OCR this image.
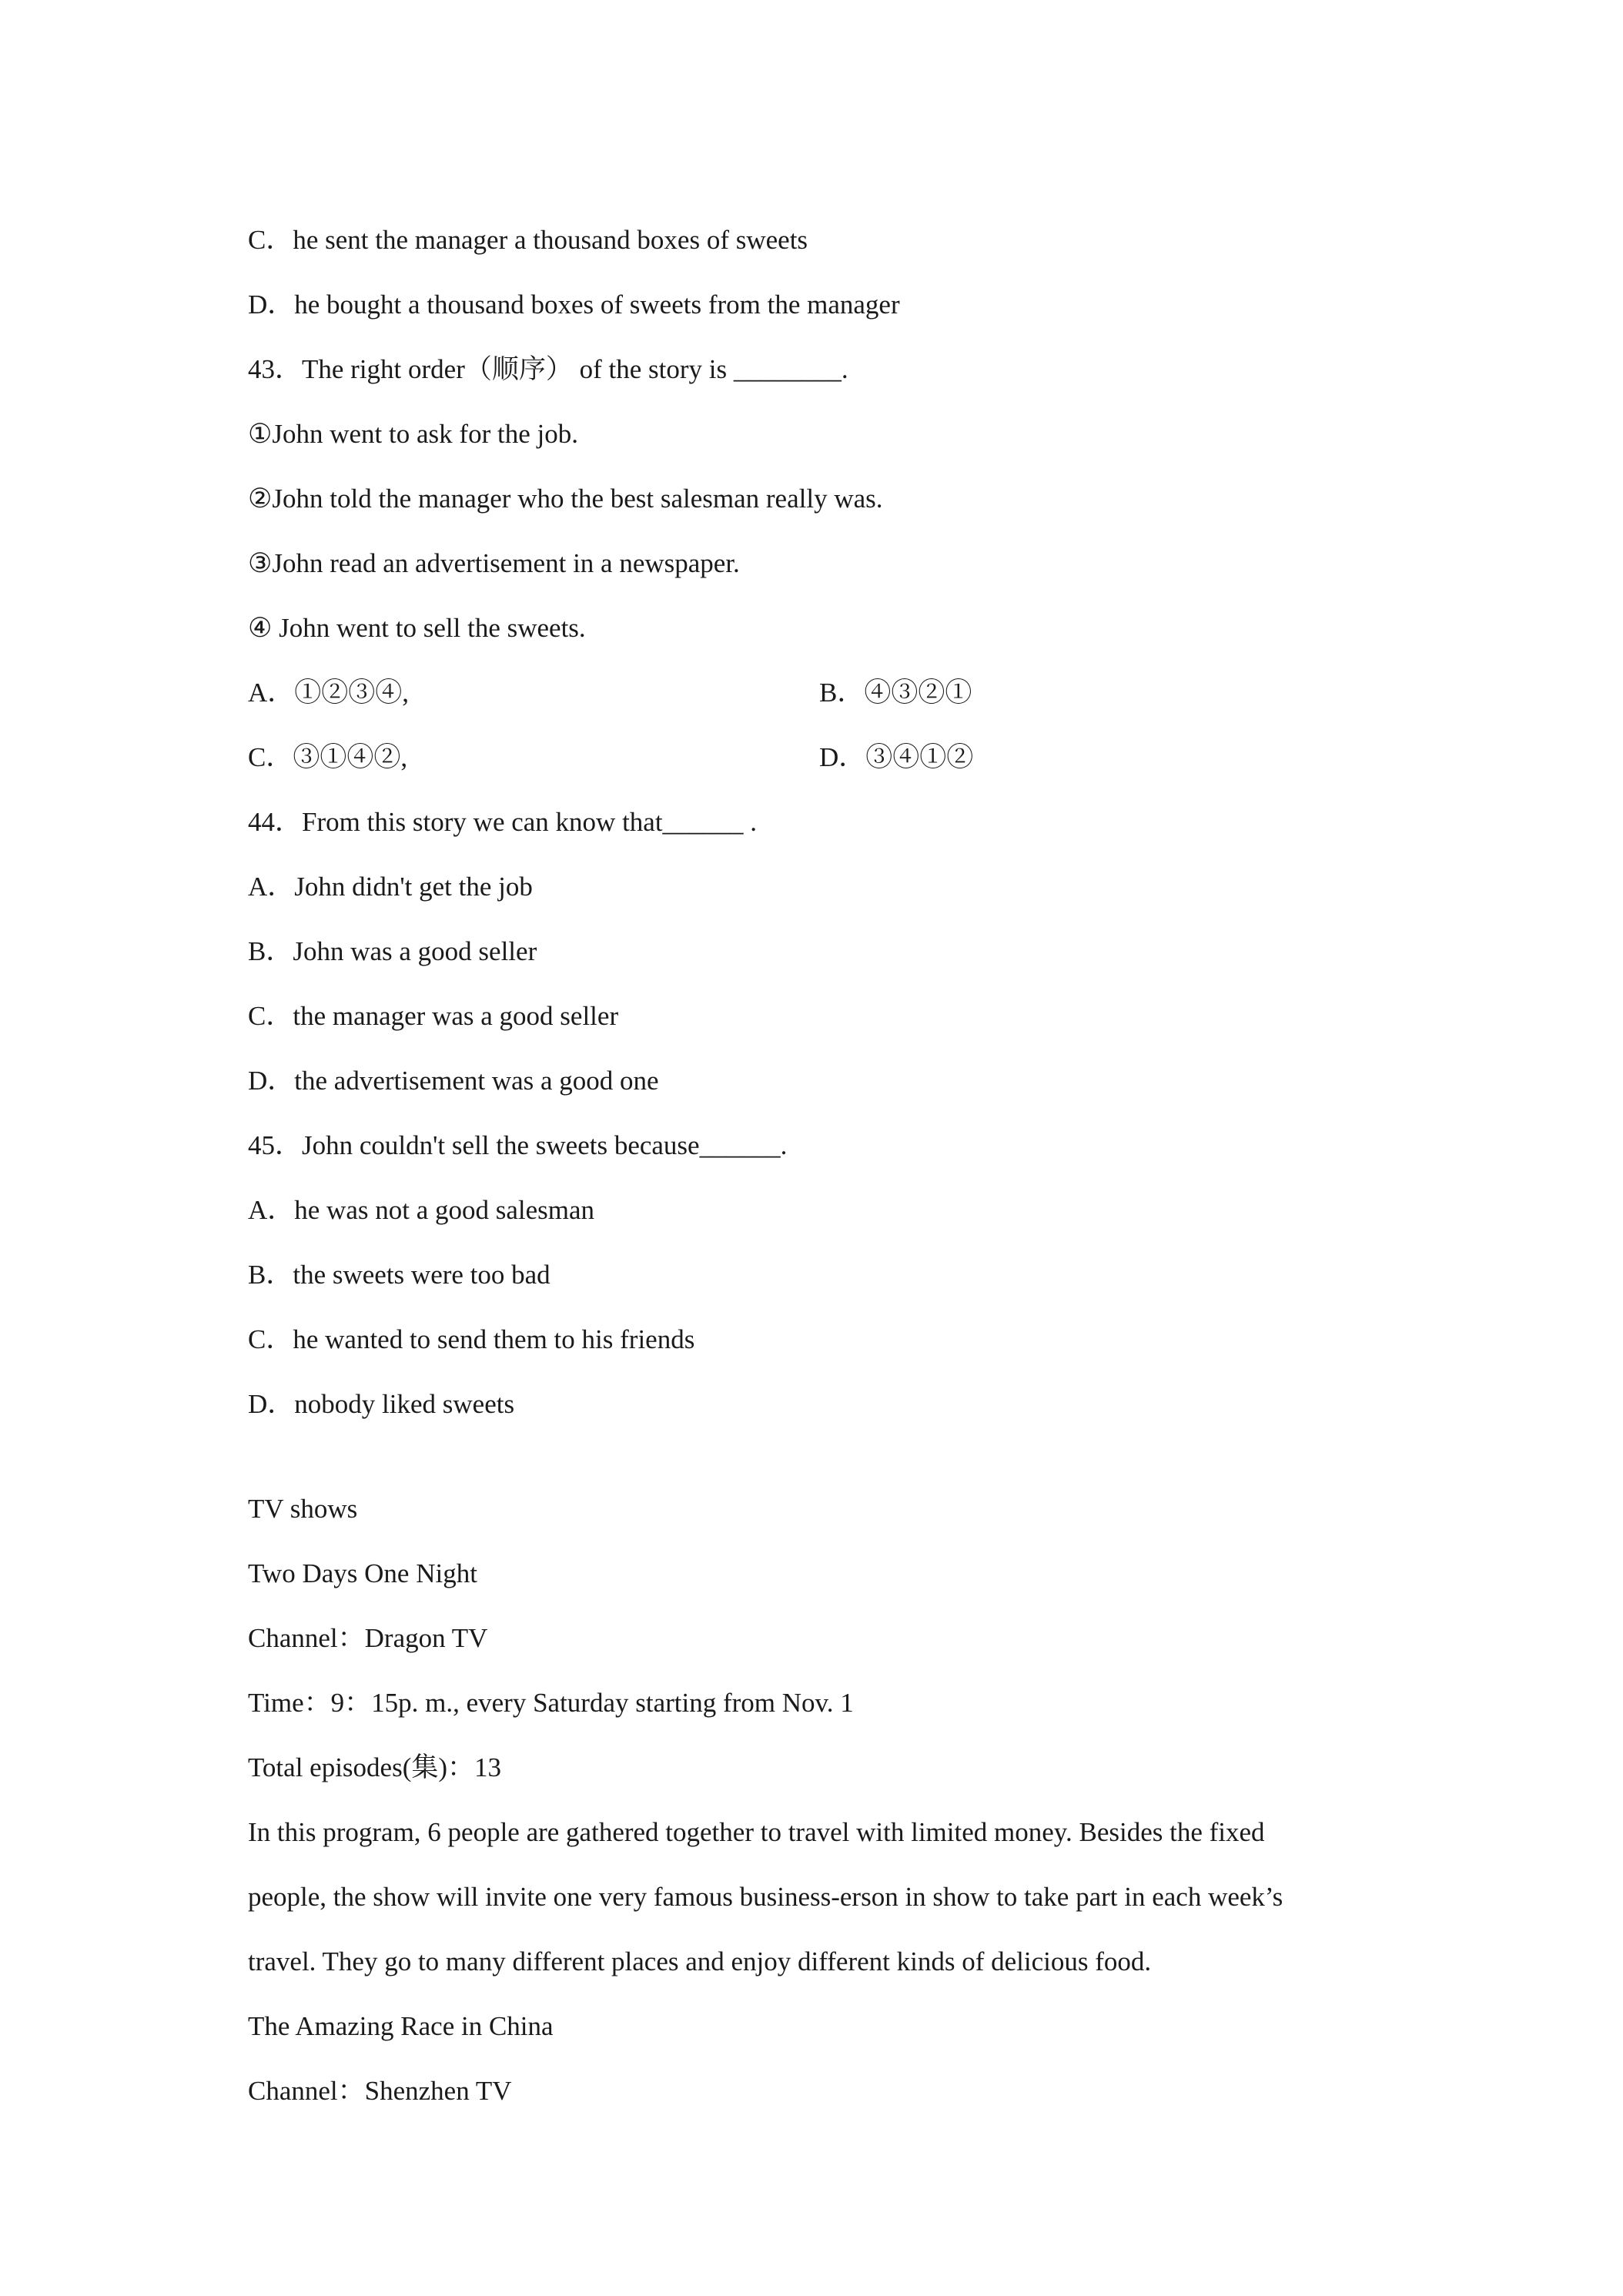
C．he sent the manager a thousand boxes of sweets
D．he bought a thousand boxes of sweets from the manager
43．The right order（顺序） of the story is ________.
①John went to ask for the job.
②John told the manager who the best salesman really was.
③John read an advertisement in a newspaper.
④ John went to sell the sweets.
A．①②③④,	B．④③②①
C．③①④②,	D．③④①②
44．From this story we can know that______ .
A．John didn't get the job
B．John was a good seller
C．the manager was a good seller
D．the advertisement was a good one
45．John couldn't sell the sweets because______.
A．he was not a good salesman
B．the sweets were too bad
C．he wanted to send them to his friends
D．nobody liked sweets
TV shows
Two Days One Night
Channel：Dragon TV
Time：9：15p. m., every Saturday starting from Nov. 1
Total episodes(集)：13
In this program, 6 people are gathered together to travel with limited money. Besides the fixed
people, the show will invite one very famous business-erson in show to take part in each week’s
travel. They go to many different places and enjoy different kinds of delicious food.
The Amazing Race in China
Channel：Shenzhen TV
